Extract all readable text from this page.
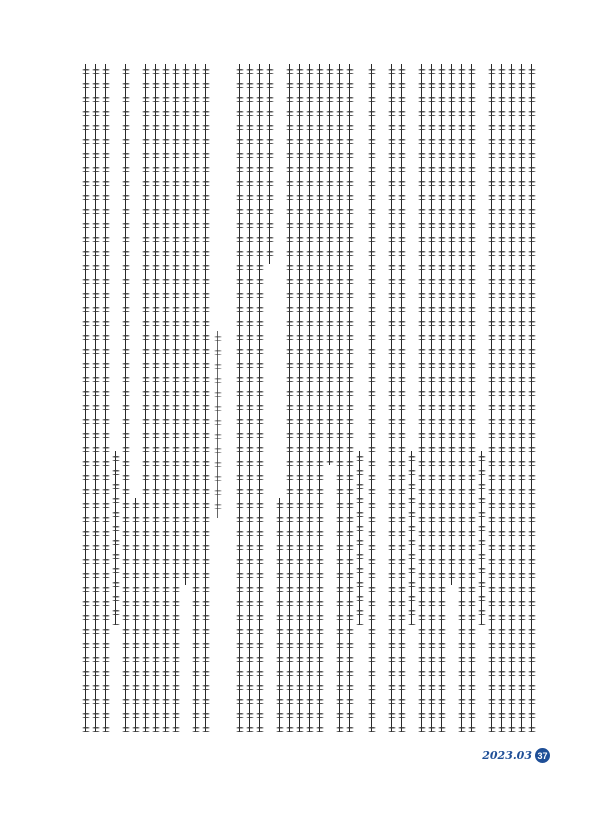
2023.03 37
